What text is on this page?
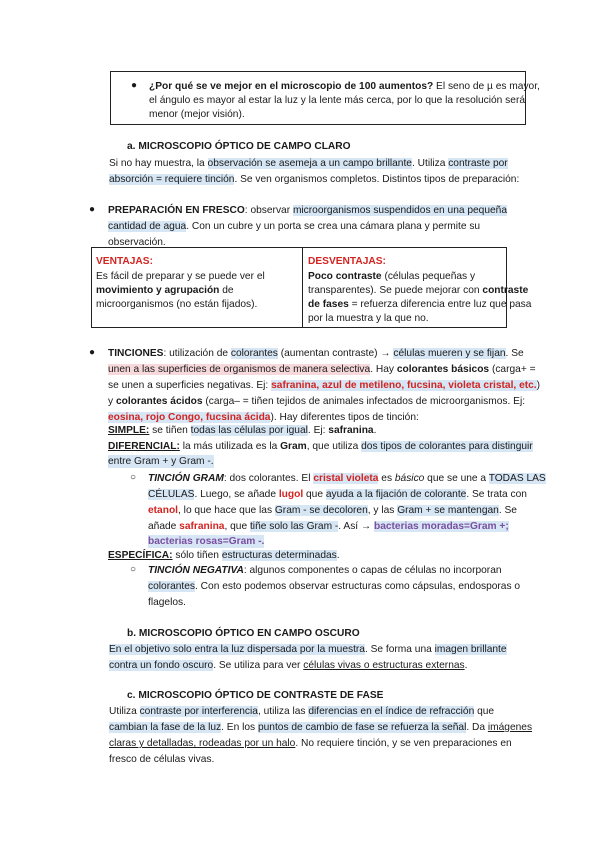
● ¿Por qué se ve mejor en el microscopio de 100 aumentos? El seno de µ es mayor,
el ángulo es mayor al estar la luz y la lente más cerca, por lo que la resolución será
menor (mejor visión).
a. MICROSCOPIO ÓPTICO DE CAMPO CLARO
Si no hay muestra, la observación se asemeja a un campo brillante. Utiliza contraste por
absorción = requiere tinción. Se ven organismos completos. Distintos tipos de preparación:
● PREPARACIÓN EN FRESCO: observar microorganismos suspendidos en una pequeña
cantidad de agua. Con un cubre y un porta se crea una cámara plana y permite su
observación.
VENTAJAS:
Es fácil de preparar y se puede ver el
movimiento y agrupación de
microorganismos (no están fijados).
DESVENTAJAS:
Poco contraste (células pequeñas y
transparentes). Se puede mejorar con contraste
de fases = refuerza diferencia entre luz que pasa
por la muestra y la que no.
● TINCIONES: utilización de colorantes (aumentan contraste) → células mueren y se fijan. Se
unen a las superficies de organismos de manera selectiva. Hay colorantes básicos (carga+ =
se unen a superficies negativas. Ej: safranina, azul de metileno, fucsina, violeta cristal, etc.)
y colorantes ácidos (carga– = tiñen tejidos de animales infectados de microorganismos. Ej:
eosina, rojo Congo, fucsina ácida). Hay diferentes tipos de tinción:
SIMPLE: se tiñen todas las células por igual. Ej: safranina.
DIFERENCIAL: la más utilizada es la Gram, que utiliza dos tipos de colorantes para distinguir
entre Gram + y Gram -.
○ TINCIÓN GRAM: dos colorantes. El cristal violeta es básico que se une a TODAS LAS
CÉLULAS. Luego, se añade lugol que ayuda a la fijación de colorante. Se trata con
etanol, lo que hace que las Gram - se decoloren, y las Gram + se mantengan. Se
añade safranina, que tiñe solo las Gram -. Así → bacterias moradas=Gram +;
bacterias rosas=Gram -.
ESPECÍFICA: sólo tiñen estructuras determinadas.
○ TINCIÓN NEGATIVA: algunos componentes o capas de células no incorporan
colorantes. Con esto podemos observar estructuras como cápsulas, endosporas o
flagelos.
b. MICROSCOPIO ÓPTICO EN CAMPO OSCURO
En el objetivo solo entra la luz dispersada por la muestra. Se forma una imagen brillante
contra un fondo oscuro. Se utiliza para ver células vivas o estructuras externas.
c. MICROSCOPIO ÓPTICO DE CONTRASTE DE FASE
Utiliza contraste por interferencia, utiliza las diferencias en el índice de refracción que
cambian la fase de la luz. En los puntos de cambio de fase se refuerza la señal. Da imágenes
claras y detalladas, rodeadas por un halo. No requiere tinción, y se ven preparaciones en
fresco de células vivas.
